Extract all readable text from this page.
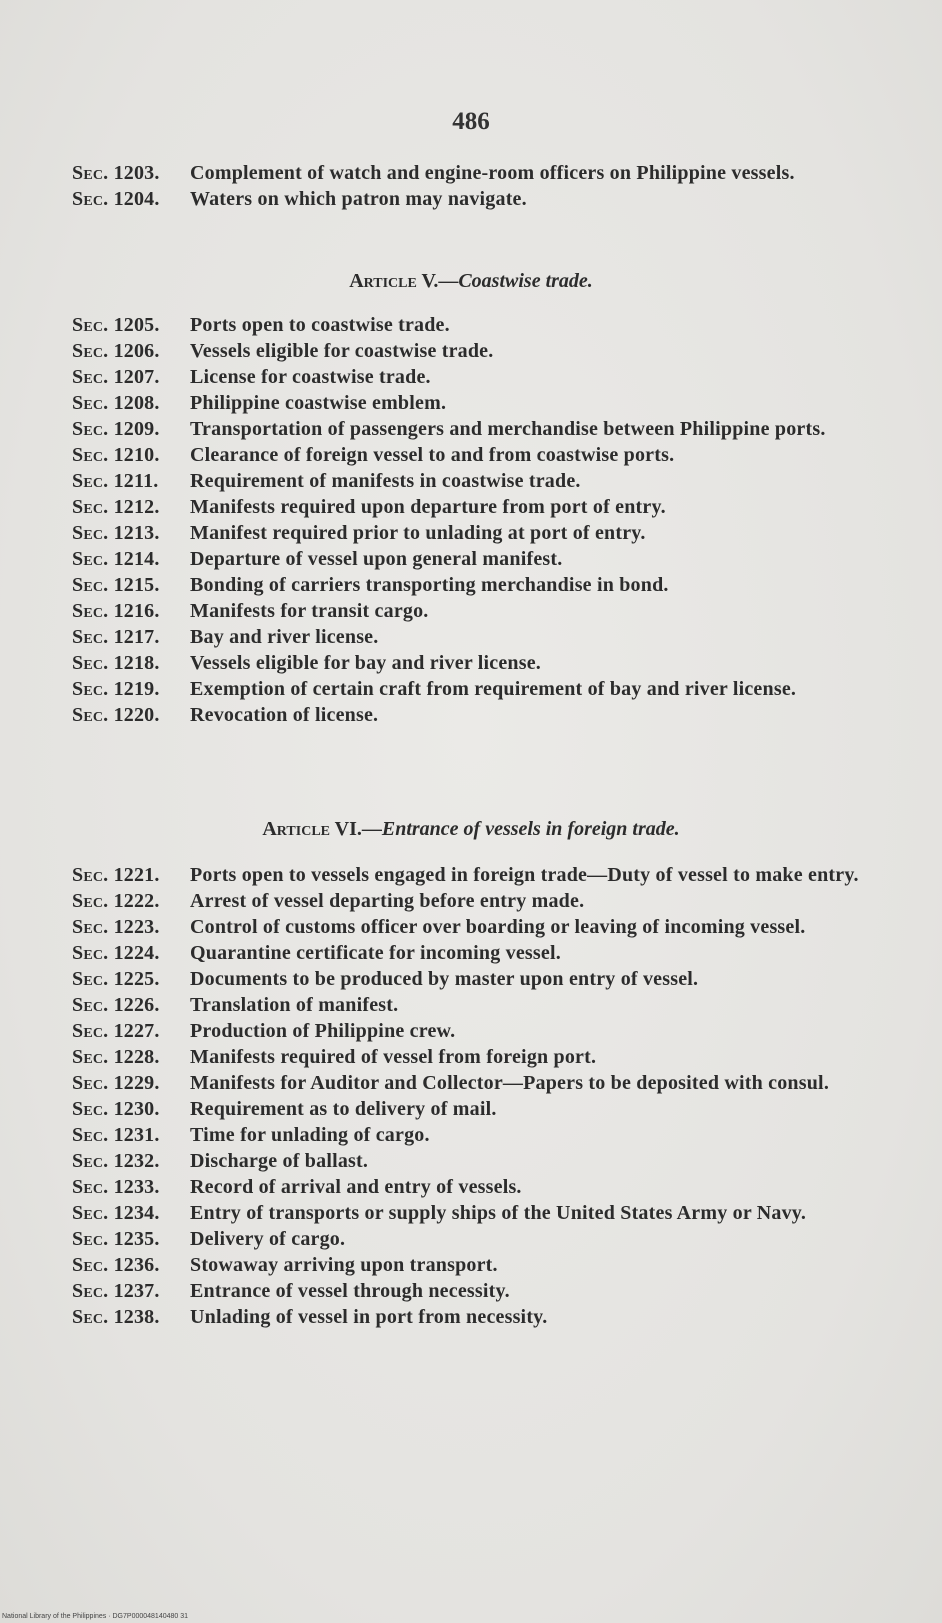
486
Sec. 1203.	Complement of watch and engine-room officers on Philippine vessels.
Sec. 1204.	Waters on which patron may navigate.
Article V.—Coastwise trade.
Sec. 1205.	Ports open to coastwise trade.
Sec. 1206.	Vessels eligible for coastwise trade.
Sec. 1207.	License for coastwise trade.
Sec. 1208.	Philippine coastwise emblem.
Sec. 1209.	Transportation of passengers and merchandise between Philippine ports.
Sec. 1210.	Clearance of foreign vessel to and from coastwise ports.
Sec. 1211.	Requirement of manifests in coastwise trade.
Sec. 1212.	Manifests required upon departure from port of entry.
Sec. 1213.	Manifest required prior to unlading at port of entry.
Sec. 1214.	Departure of vessel upon general manifest.
Sec. 1215.	Bonding of carriers transporting merchandise in bond.
Sec. 1216.	Manifests for transit cargo.
Sec. 1217.	Bay and river license.
Sec. 1218.	Vessels eligible for bay and river license.
Sec. 1219.	Exemption of certain craft from requirement of bay and river license.
Sec. 1220.	Revocation of license.
Article VI.—Entrance of vessels in foreign trade.
Sec. 1221.	Ports open to vessels engaged in foreign trade—Duty of vessel to make entry.
Sec. 1222.	Arrest of vessel departing before entry made.
Sec. 1223.	Control of customs officer over boarding or leaving of incoming vessel.
Sec. 1224.	Quarantine certificate for incoming vessel.
Sec. 1225.	Documents to be produced by master upon entry of vessel.
Sec. 1226.	Translation of manifest.
Sec. 1227.	Production of Philippine crew.
Sec. 1228.	Manifests required of vessel from foreign port.
Sec. 1229.	Manifests for Auditor and Collector—Papers to be deposited with consul.
Sec. 1230.	Requirement as to delivery of mail.
Sec. 1231.	Time for unlading of cargo.
Sec. 1232.	Discharge of ballast.
Sec. 1233.	Record of arrival and entry of vessels.
Sec. 1234.	Entry of transports or supply ships of the United States Army or Navy.
Sec. 1235.	Delivery of cargo.
Sec. 1236.	Stowaway arriving upon transport.
Sec. 1237.	Entrance of vessel through necessity.
Sec. 1238.	Unlading of vessel in port from necessity.
National Library of the Philippines · DG7P000048140480 31
